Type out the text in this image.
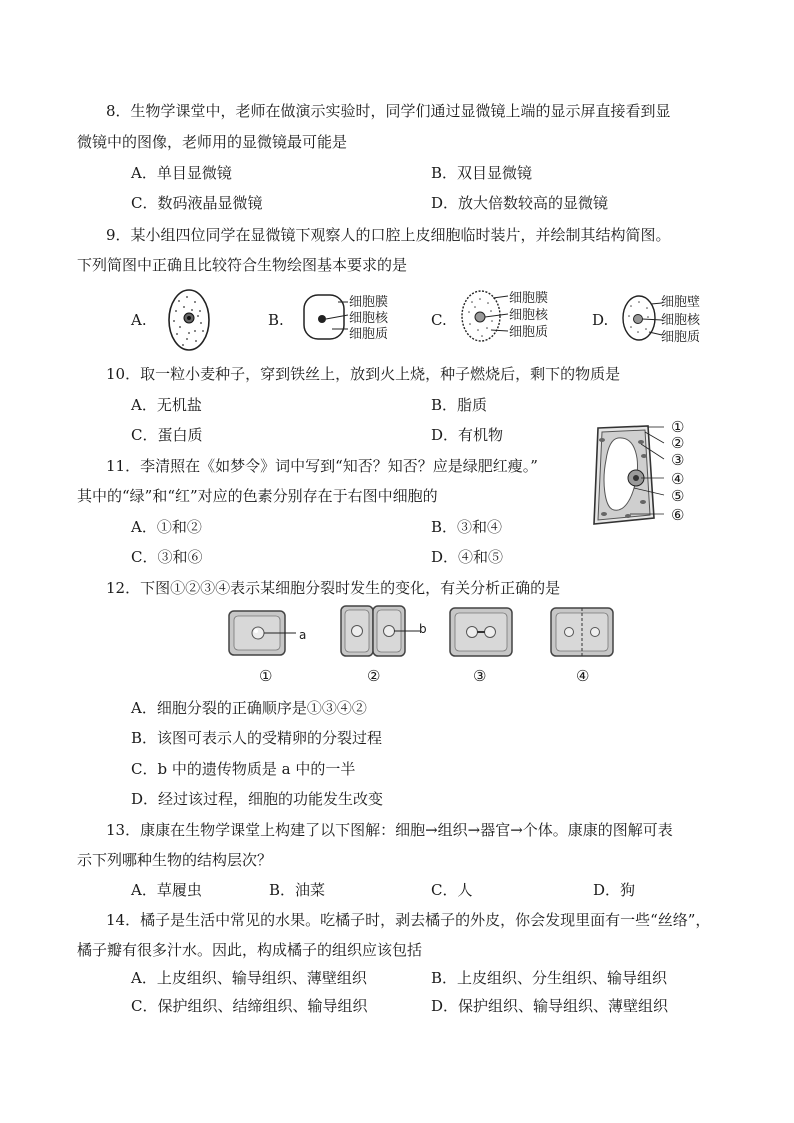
8．生物学课堂中，老师在做演示实验时，同学们通过显微镜上端的显示屏直接看到显
微镜中的图像，老师用的显微镜最可能是
A．单目显微镜	B．双目显微镜
C．数码液晶显微镜	D．放大倍数较高的显微镜
9．某小组四位同学在显微镜下观察人的口腔上皮细胞临时装片，并绘制其结构简图。
下列简图中正确且比较符合生物绘图基本要求的是
A.	B.
细胞膜
细胞核
细胞质
C.
细胞膜
细胞核
细胞质
D.
细胞壁
细胞核
细胞质
10．取一粒小麦种子，穿到铁丝上，放到火上烧，种子燃烧后，剩下的物质是
A．无机盐	B．脂质
C．蛋白质	D．有机物
11．李清照在《如梦令》词中写到“知否？知否？应是绿肥红瘦。”
其中的“绿”和“红”对应的色素分别存在于右图中细胞的
A．①和②	B．③和④
C．③和⑥	D．④和⑤
①
②
③
④
⑤
⑥
12．下图①②③④表示某细胞分裂时发生的变化，有关分析正确的是
a	b
①	②	③	④
A．细胞分裂的正确顺序是①③④②
B．该图可表示人的受精卵的分裂过程
C．b 中的遗传物质是 a 中的一半
D．经过该过程，细胞的功能发生改变
13．康康在生物学课堂上构建了以下图解：细胞→组织→器官→个体。康康的图解可表
示下列哪种生物的结构层次？
A．草履虫	B．油菜	C．人	D．狗
14．橘子是生活中常见的水果。吃橘子时，剥去橘子的外皮，你会发现里面有一些“丝络”，
橘子瓣有很多汁水。因此，构成橘子的组织应该包括
A．上皮组织、输导组织、薄壁组织	B．上皮组织、分生组织、输导组织
C．保护组织、结缔组织、输导组织	D．保护组织、输导组织、薄壁组织
